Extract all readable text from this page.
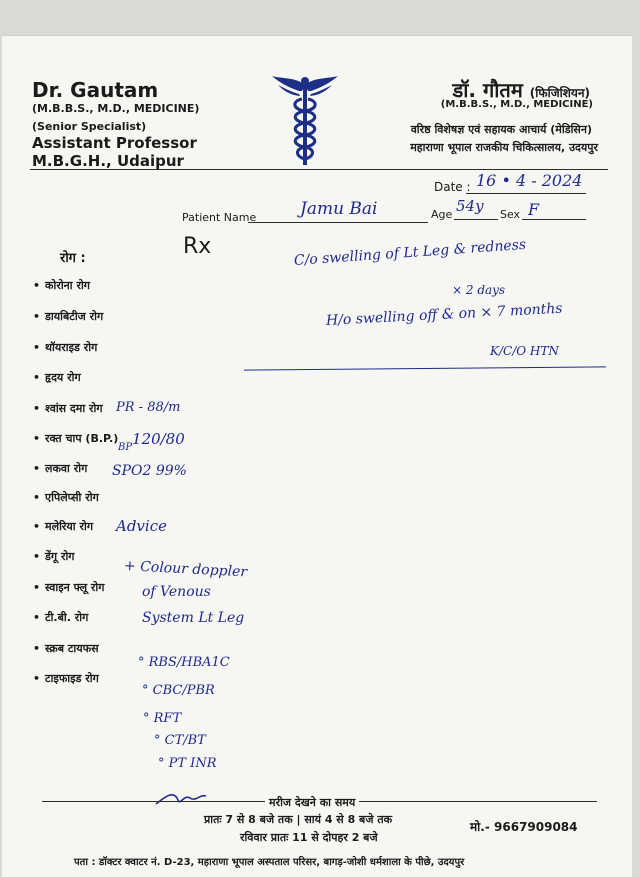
Dr. Gautam
(M.B.B.S., M.D., MEDICINE)
(Senior Specialist)
Assistant Professor
M.B.G.H., Udaipur
डॉ. गौतम (फिजिशियन)
(M.B.B.S., M.D., MEDICINE)
वरिष्ठ विशेषज्ञ एवं सहायक आचार्य (मेडिसिन)
महाराणा भूपाल राजकीय चिकित्सालय, उदयपुर
Date : 16 • 4 - 2024
Patient Name	Jamu Bai	Age 54y Sex F
Rx
रोग :
• कोरोना रोग
• डायबिटीज रोग
• थॉयराइड रोग
• हृदय रोग
• श्वांस दमा रोग
• रक्त चाप (B.P.)
• लकवा रोग
• एपिलेप्सी रोग
• मलेरिया रोग
• डेंगू रोग
• स्वाइन फ्लू रोग
• टी.बी. रोग
• स्क्रब टायफस
• टाइफाइड रोग
C/o swelling of Lt Leg & redness
× 2 days
H/o swelling off & on × 7 months
K/C/O HTN
PR - 88/m
120/80
BP
SPO2 99%
Advice
+ Colour doppler
of Venous
System Lt Leg
° RBS/HBA1C
° CBC/PBR
° RFT
° CT/BT
° PT INR
मरीज देखने का समय
प्रातः 7 से 8 बजे तक | सायं 4 से 8 बजे तक
रविवार प्रातः 11 से दोपहर 2 बजे
मो.- 9667909084
पता : डॉक्टर क्वाटर नं. D-23, महाराणा भूपाल अस्पताल परिसर, बागड़-जोशी धर्मशाला के पीछे, उदयपुर
